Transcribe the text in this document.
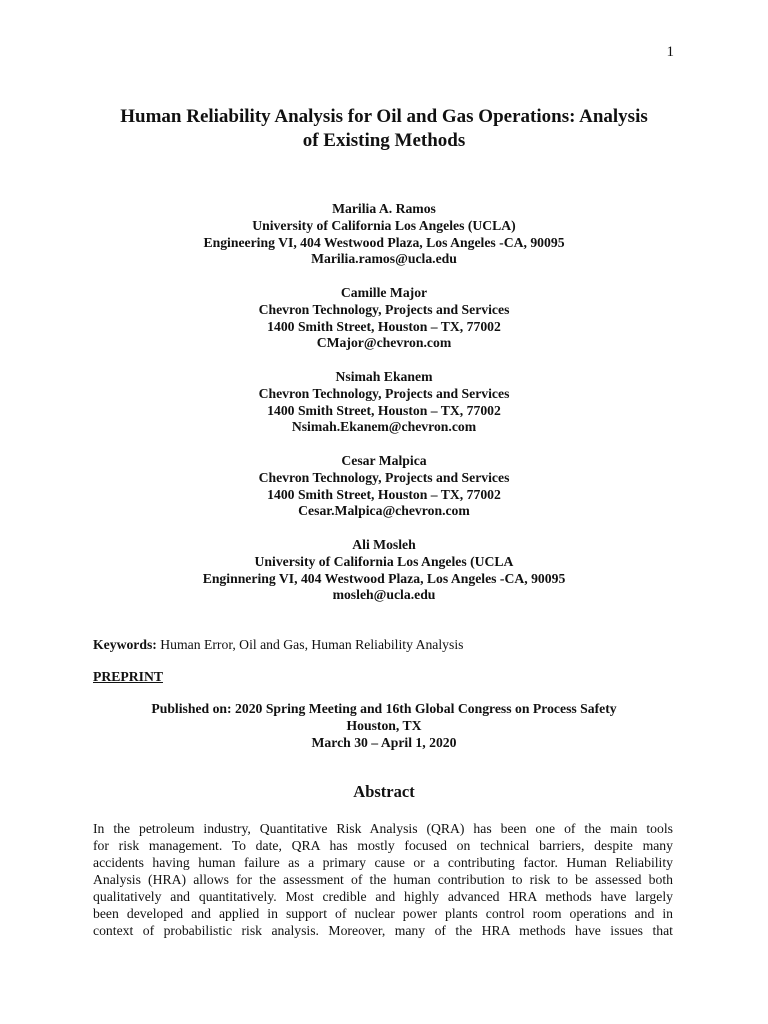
1
Human Reliability Analysis for Oil and Gas Operations: Analysis
of Existing Methods
Marilia A. Ramos
University of California Los Angeles (UCLA)
Engineering VI, 404 Westwood Plaza, Los Angeles -CA, 90095
Marilia.ramos@ucla.edu
Camille Major
Chevron Technology, Projects and Services
1400 Smith Street, Houston – TX, 77002
CMajor@chevron.com
Nsimah Ekanem
Chevron Technology, Projects and Services
1400 Smith Street, Houston – TX, 77002
Nsimah.Ekanem@chevron.com
Cesar Malpica
Chevron Technology, Projects and Services
1400 Smith Street, Houston – TX, 77002
Cesar.Malpica@chevron.com
Ali Mosleh
University of California Los Angeles (UCLA
Enginnering VI, 404 Westwood Plaza, Los Angeles -CA, 90095
mosleh@ucla.edu
Keywords: Human Error, Oil and Gas, Human Reliability Analysis
PREPRINT
Published on: 2020 Spring Meeting and 16th Global Congress on Process Safety
Houston, TX
March 30 – April 1, 2020
Abstract
In the petroleum industry, Quantitative Risk Analysis (QRA) has been one of the main tools
for risk management. To date, QRA has mostly focused on technical barriers, despite many
accidents having human failure as a primary cause or a contributing factor. Human Reliability
Analysis (HRA) allows for the assessment of the human contribution to risk to be assessed both
qualitatively and quantitatively. Most credible and highly advanced HRA methods have largely
been developed and applied in support of nuclear power plants control room operations and in
context of probabilistic risk analysis. Moreover, many of the HRA methods have issues that
